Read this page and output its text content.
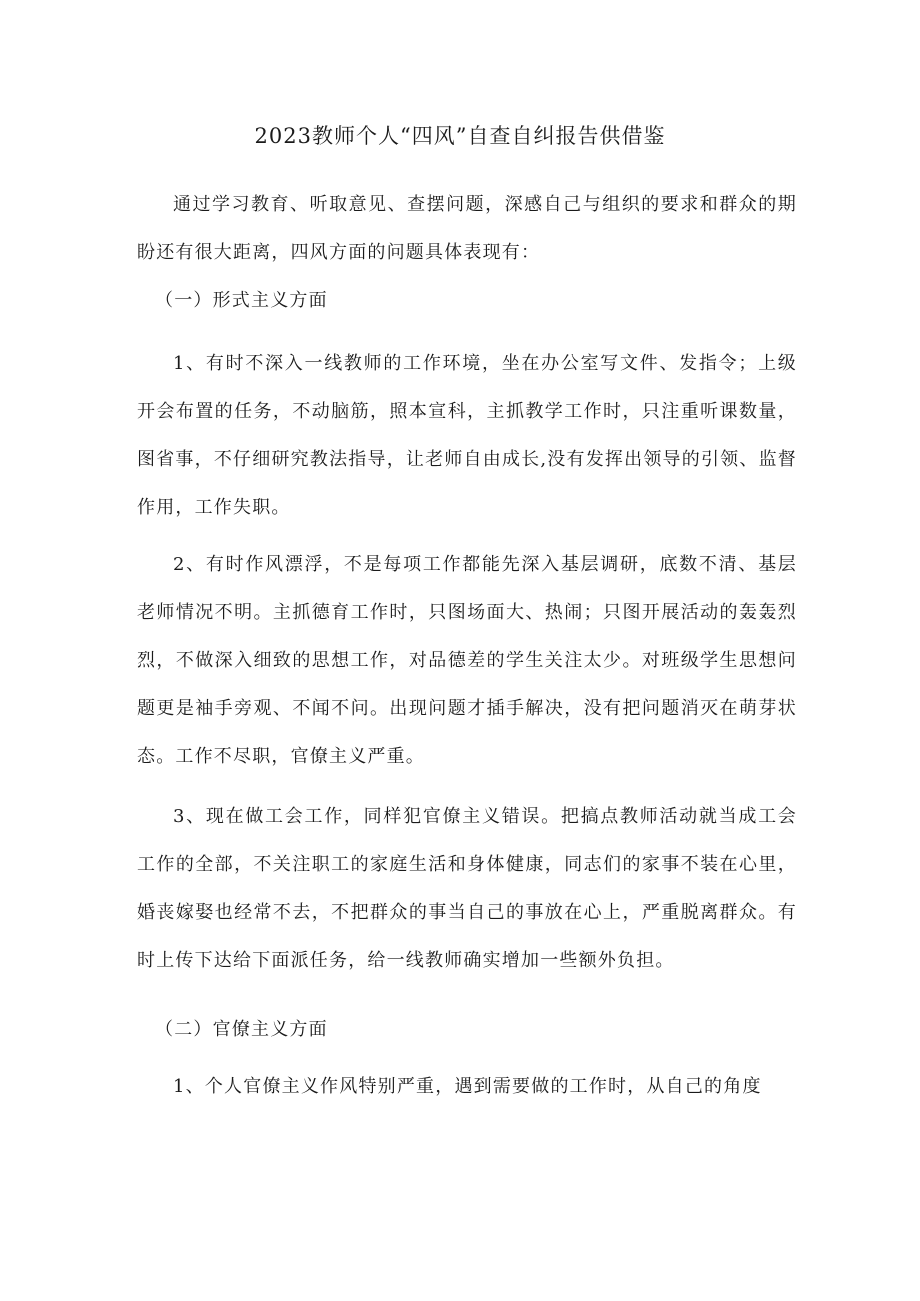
2023教师个人“四风”自查自纠报告供借鉴

通过学习教育、听取意见、查摆问题，深感自己与组织的要求和群众的期盼还有很大距离，四风方面的问题具体表现有：

（一）形式主义方面

1、有时不深入一线教师的工作环境，坐在办公室写文件、发指令；上级开会布置的任务，不动脑筋，照本宣科，主抓教学工作时，只注重听课数量，图省事，不仔细研究教法指导，让老师自由成长,没有发挥出领导的引领、监督作用，工作失职。

2、有时作风漂浮，不是每项工作都能先深入基层调研，底数不清、基层老师情况不明。主抓德育工作时，只图场面大、热闹；只图开展活动的轰轰烈烈，不做深入细致的思想工作，对品德差的学生关注太少。对班级学生思想问题更是袖手旁观、不闻不问。出现问题才插手解决，没有把问题消灭在萌芽状态。工作不尽职，官僚主义严重。

3、现在做工会工作，同样犯官僚主义错误。把搞点教师活动就当成工会工作的全部，不关注职工的家庭生活和身体健康，同志们的家事不装在心里，婚丧嫁娶也经常不去，不把群众的事当自己的事放在心上，严重脱离群众。有时上传下达给下面派任务，给一线教师确实增加一些额外负担。

（二）官僚主义方面

1、个人官僚主义作风特别严重，遇到需要做的工作时，从自己的角度
